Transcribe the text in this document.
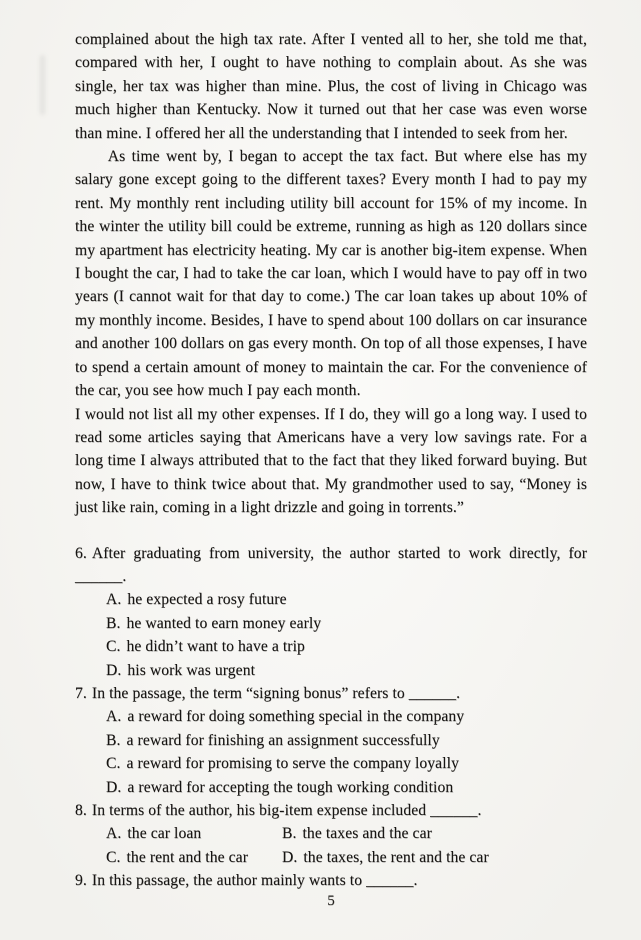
complained about the high tax rate. After I vented all to her, she told me that, compared with her, I ought to have nothing to complain about. As she was single, her tax was higher than mine. Plus, the cost of living in Chicago was much higher than Kentucky. Now it turned out that her case was even worse than mine. I offered her all the understanding that I intended to seek from her.

As time went by, I began to accept the tax fact. But where else has my salary gone except going to the different taxes? Every month I had to pay my rent. My monthly rent including utility bill account for 15% of my income. In the winter the utility bill could be extreme, running as high as 120 dollars since my apartment has electricity heating. My car is another big-item expense. When I bought the car, I had to take the car loan, which I would have to pay off in two years (I cannot wait for that day to come.) The car loan takes up about 10% of my monthly income. Besides, I have to spend about 100 dollars on car insurance and another 100 dollars on gas every month. On top of all those expenses, I have to spend a certain amount of money to maintain the car. For the convenience of the car, you see how much I pay each month.

I would not list all my other expenses. If I do, they will go a long way. I used to read some articles saying that Americans have a very low savings rate. For a long time I always attributed that to the fact that they liked forward buying. But now, I have to think twice about that. My grandmother used to say, “Money is just like rain, coming in a light drizzle and going in torrents.”

6. After graduating from university, the author started to work directly, for
______.
A. he expected a rosy future
B. he wanted to earn money early
C. he didn’t want to have a trip
D. his work was urgent
7. In the passage, the term “signing bonus” refers to ______.
A. a reward for doing something special in the company
B. a reward for finishing an assignment successfully
C. a reward for promising to serve the company loyally
D. a reward for accepting the tough working condition
8. In terms of the author, his big-item expense included ______.
A. the car loan	B. the taxes and the car
C. the rent and the car	D. the taxes, the rent and the car
9. In this passage, the author mainly wants to ______.
5
